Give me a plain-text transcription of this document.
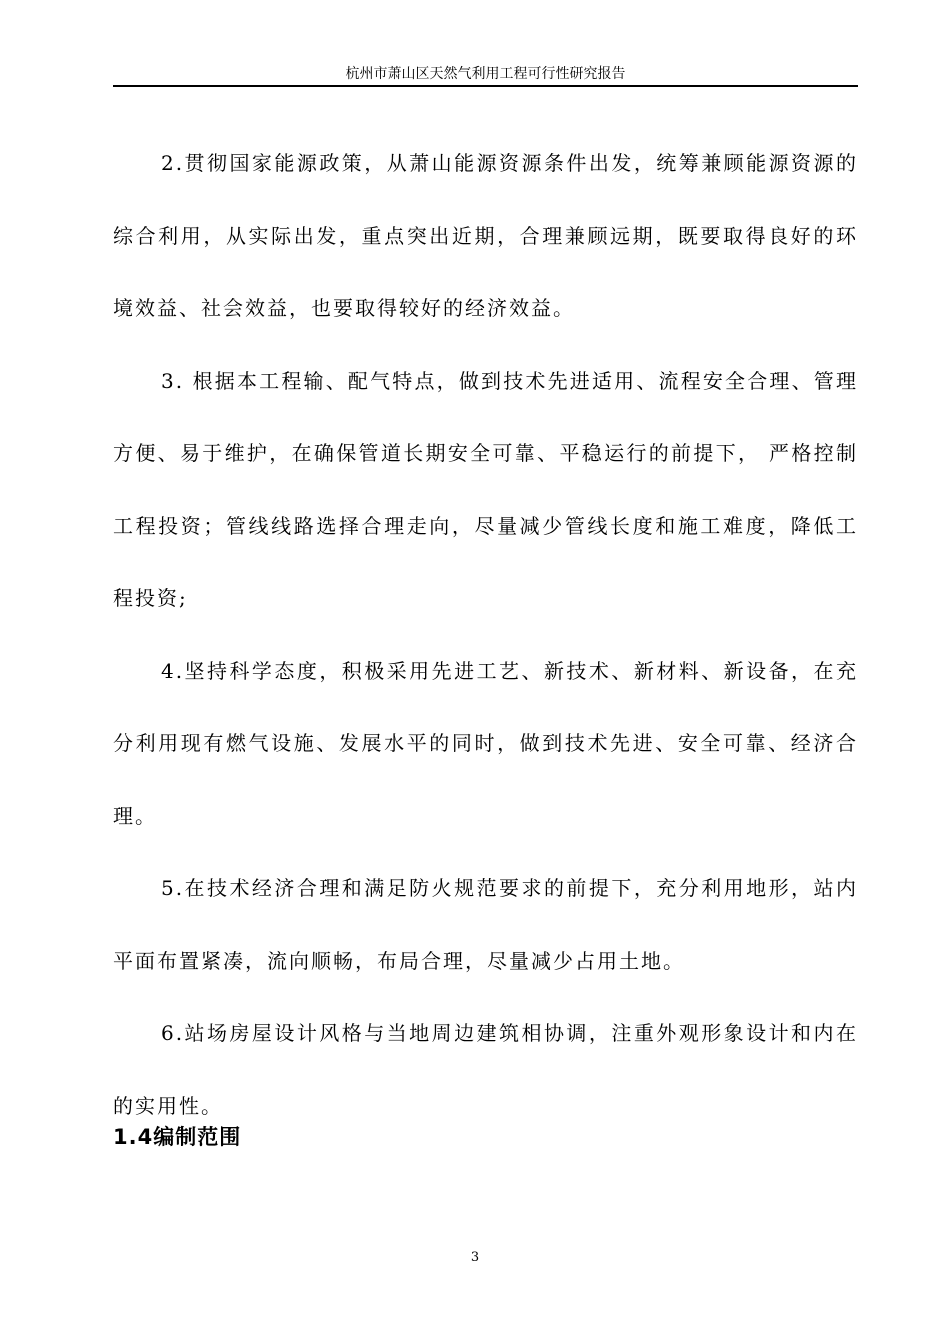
杭州市萧山区天然气利用工程可行性研究报告

2.贯彻国家能源政策，从萧山能源资源条件出发，统筹兼顾能源资源的综合利用，从实际出发，重点突出近期，合理兼顾远期，既要取得良好的环境效益、社会效益，也要取得较好的经济效益。

3. 根据本工程输、配气特点，做到技术先进适用、流程安全合理、管理方便、易于维护，在确保管道长期安全可靠、平稳运行的前提下， 严格控制工程投资；管线线路选择合理走向，尽量减少管线长度和施工难度，降低工程投资;

4.坚持科学态度，积极采用先进工艺、新技术、新材料、新设备，在充分利用现有燃气设施、发展水平的同时，做到技术先进、安全可靠、经济合理。

5.在技术经济合理和满足防火规范要求的前提下，充分利用地形，站内平面布置紧凑，流向顺畅，布局合理，尽量减少占用土地。

6.站场房屋设计风格与当地周边建筑相协调，注重外观形象设计和内在的实用性。

1.4编制范围
3
